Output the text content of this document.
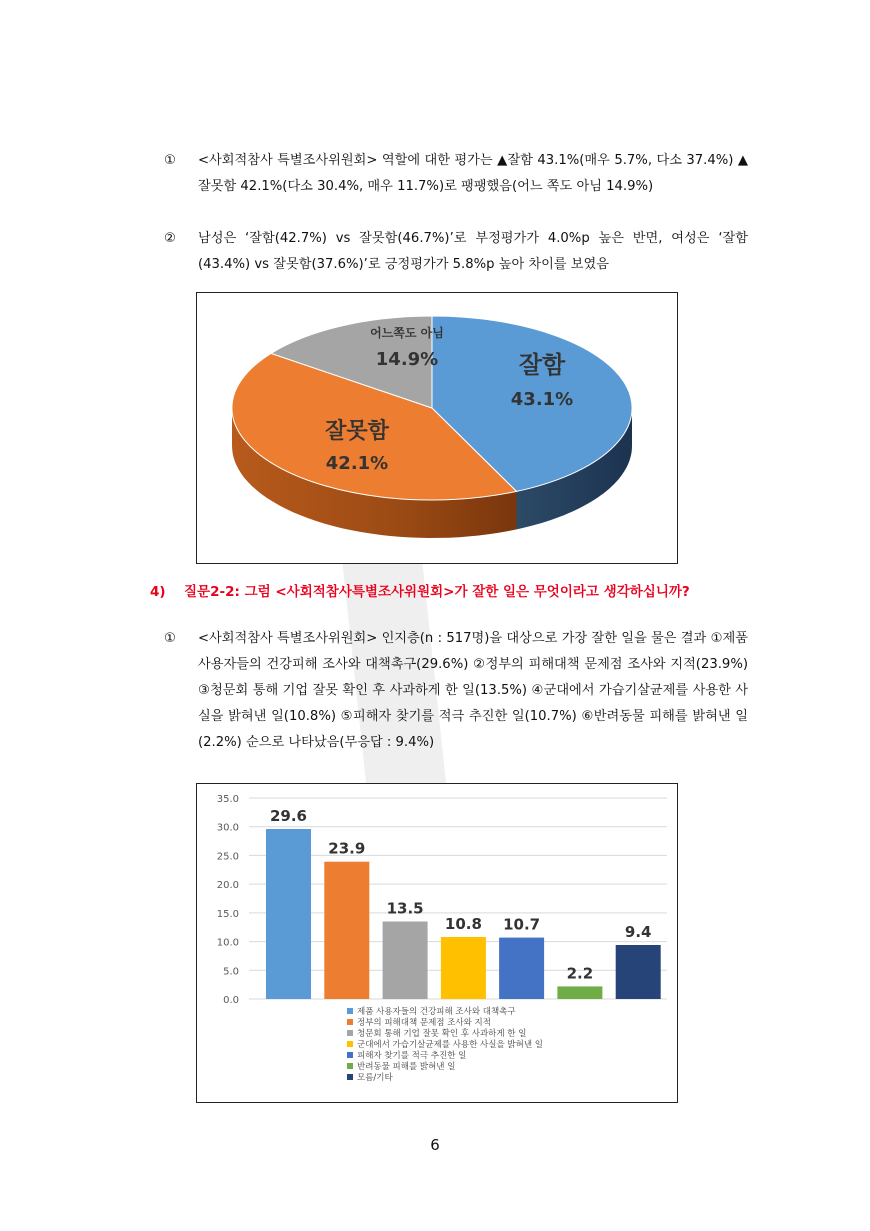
①	<사회적참사 특별조사위원회> 역할에 대한 평가는 ▲잘함 43.1%(매우 5.7%, 다소 37.4%) ▲잘못함 42.1%(다소 30.4%, 매우 11.7%)로 팽팽했음(어느 쪽도 아님 14.9%)
②	남성은 ‘잘함(42.7%) vs 잘못함(46.7%)’로 부정평가가 4.0%p 높은 반면, 여성은 ‘잘함(43.4%) vs 잘못함(37.6%)’로 긍정평가가 5.8%p 높아 차이를 보였음
잘함
43.1%
잘못함
42.1%
어느쪽도 아님
14.9%
4) 질문2-2: 그럼 <사회적참사특별조사위원회>가 잘한 일은 무엇이라고 생각하십니까?
①	<사회적참사 특별조사위원회> 인지층(n : 517명)을 대상으로 가장 잘한 일을 물은 결과 ①제품 사용자들의 건강피해 조사와 대책촉구(29.6%) ②정부의 피해대책 문제점 조사와 지적(23.9%) ③청문회 통해 기업 잘못 확인 후 사과하게 한 일(13.5%) ④군대에서 가습기살균제를 사용한 사실을 밝혀낸 일(10.8%) ⑤피해자 찾기를 적극 추진한 일(10.7%) ⑥반려동물 피해를 밝혀낸 일(2.2%) 순으로 나타났음(무응답 : 9.4%)
0.0
5.0
10.0
15.0
20.0
25.0
30.0
35.0
29.6
23.9
13.5
10.8 10.7
2.2
9.4
제품 사용자들의 건강피해 조사와 대책촉구
정부의 피해대책 문제점 조사와 지적
청문회 통해 기업 잘못 확인 후 사과하게 한 일
군대에서 가습기살균제를 사용한 사실을 밝혀낸 일
피해자 찾기를 적극 추진한 일
반려동물 피해를 밝혀낸 일
모름/기타
6
